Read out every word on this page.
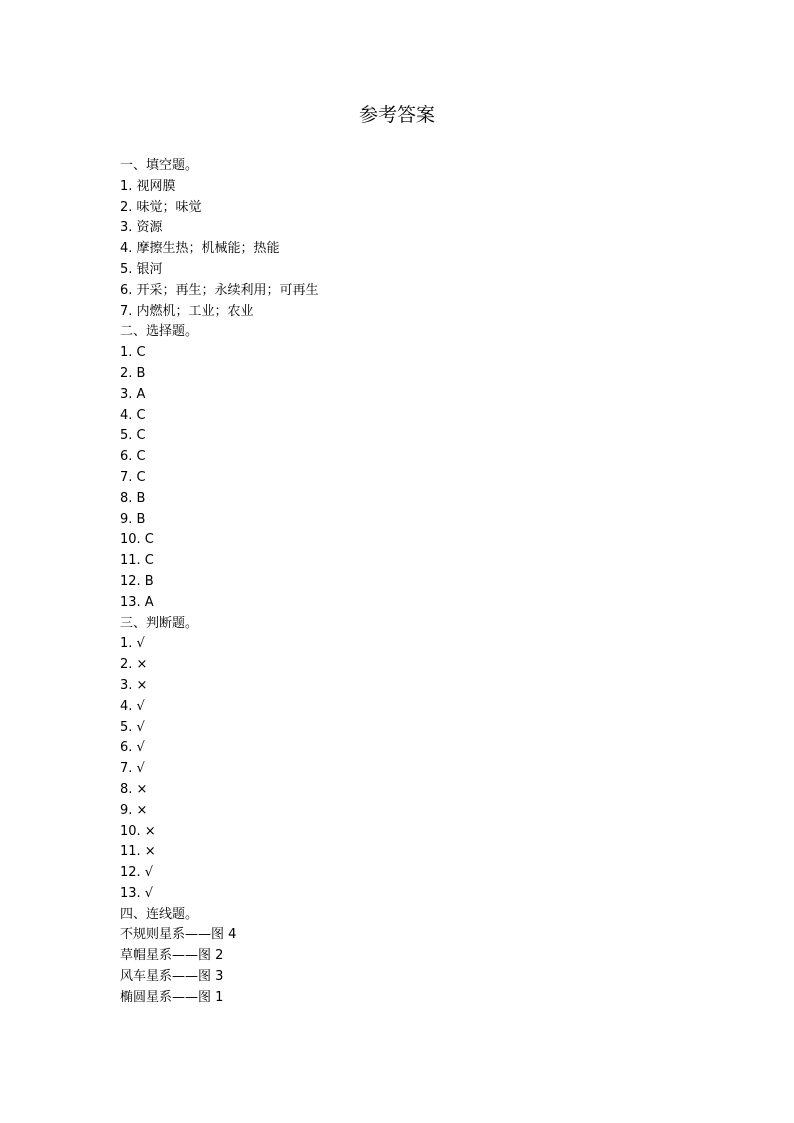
参考答案
一、填空题。
1. 视网膜
2. 味觉；味觉
3. 资源
4. 摩擦生热；机械能；热能
5. 银河
6. 开采；再生；永续利用；可再生
7. 内燃机；工业；农业
二、选择题。
1. C
2. B
3. A
4. C
5. C
6. C
7. C
8. B
9. B
10. C
11. C
12. B
13. A
三、判断题。
1. √
2. ×
3. ×
4. √
5. √
6. √
7. √
8. ×
9. ×
10. ×
11. ×
12. √
13. √
四、连线题。
不规则星系——图 4
草帽星系——图 2
风车星系——图 3
椭圆星系——图 1
